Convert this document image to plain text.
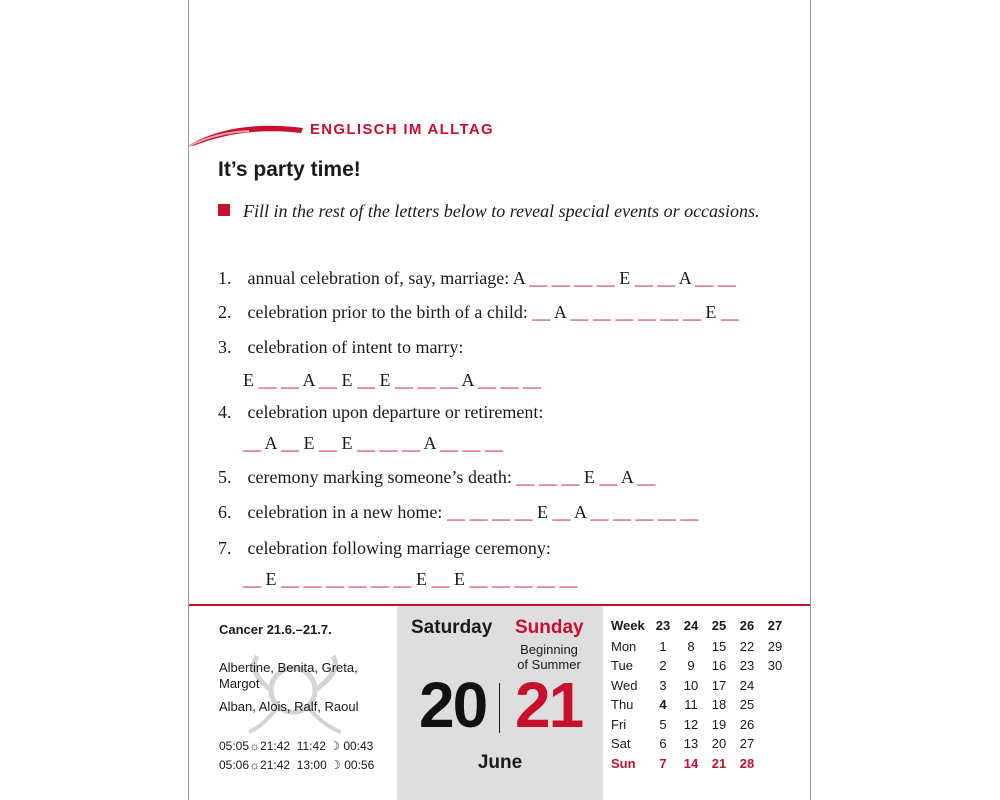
ENGLISCH IM ALLTAG
It’s party time!
Fill in the rest of the letters below to reveal special events or occasions.
1. annual celebration of, say, marriage: A __ __ __ __ E __ __ A __ __
2. celebration prior to the birth of a child: __ A __ __ __ __ __ __ E __
3. celebration of intent to marry:
E __ __ A __ E __ E __ __ __ A __ __ __
4. celebration upon departure or retirement:
__ A __ E __ E __ __ __ A __ __ __
5. ceremony marking someone’s death: __ __ __ E __ A __
6. celebration in a new home: __ __ __ __ E __ A __ __ __ __ __
7. celebration following marriage ceremony:
__ E __ __ __ __ __ __ E __ E __ __ __ __ __
Cancer 21.6.–21.7.
Albertine, Benita, Greta, Margot
Alban, Alois, Ralf, Raoul
05:05☼21:42 11:42 ☽ 00:43
05:06☼21:42 13:00 ☽ 00:56
Saturday Sunday
Beginning
of Summer
20 21
June
Week 23	24	25	26	27
Mon	1	8	15	22	29
Tue	2	9	16	23	30
Wed	3	10	17	24
Thu	4	11	18	25
Fri	5	12	19	26
Sat	6	13	20	27
Sun	7	14	21	28
